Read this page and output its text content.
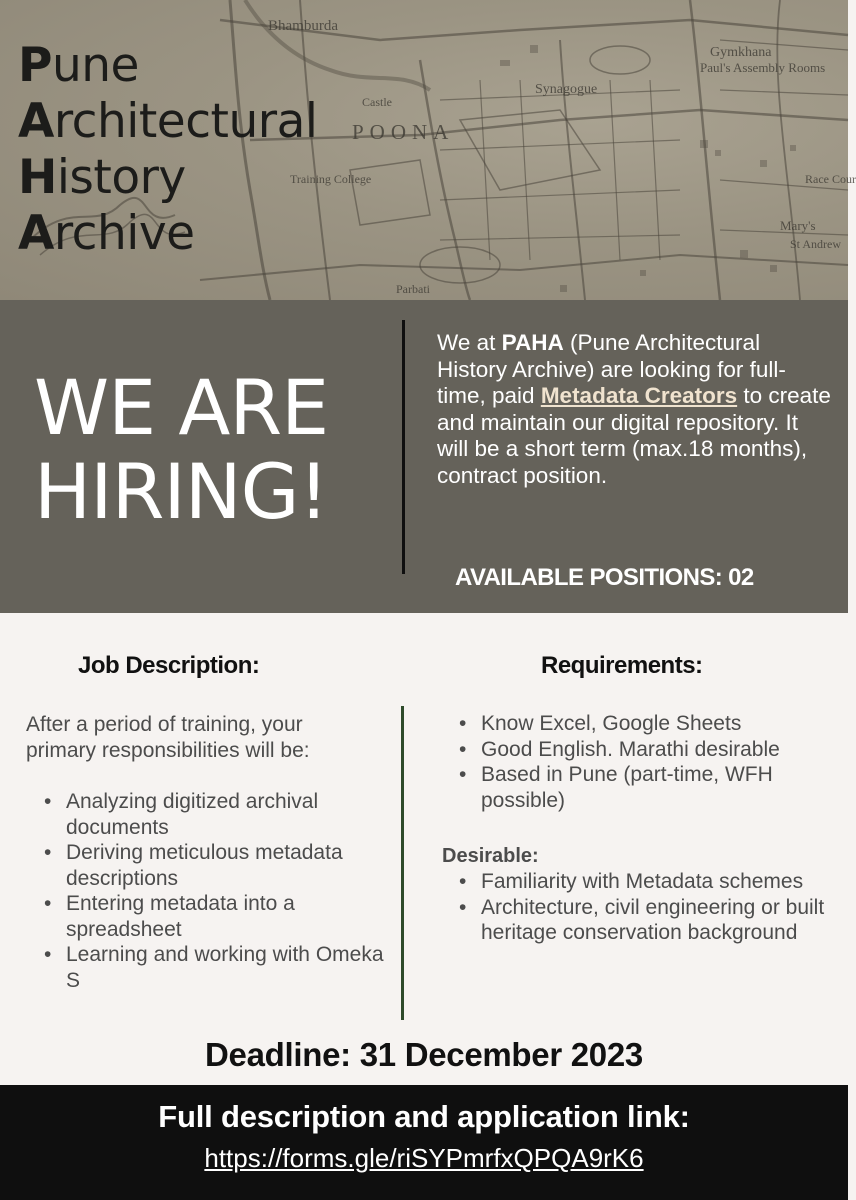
Bhamburda
POONA
Synagogue
Gymkhana
Paul's Assembly Rooms
Castle
Training College
Parbati
Mary's
St Andrew
Race Cour
Pune
Architectural
History
Archive
WE ARE
HIRING!
We at PAHA (Pune Architectural History Archive) are looking for full-time, paid Metadata Creators to create and maintain our digital repository. It will be a short term (max.18 months), contract position.
AVAILABLE POSITIONS: 02
Job Description:
After a period of training, your primary responsibilities will be:
• Analyzing digitized archival documents
• Deriving meticulous metadata descriptions
• Entering metadata into a spreadsheet
• Learning and working with Omeka S
Requirements:
• Know Excel, Google Sheets
• Good English. Marathi desirable
• Based in Pune (part-time, WFH possible)
Desirable:
• Familiarity with Metadata schemes
• Architecture, civil engineering or built heritage conservation background
Deadline: 31 December 2023
Full description and application link:
https://forms.gle/riSYPmrfxQPQA9rK6
